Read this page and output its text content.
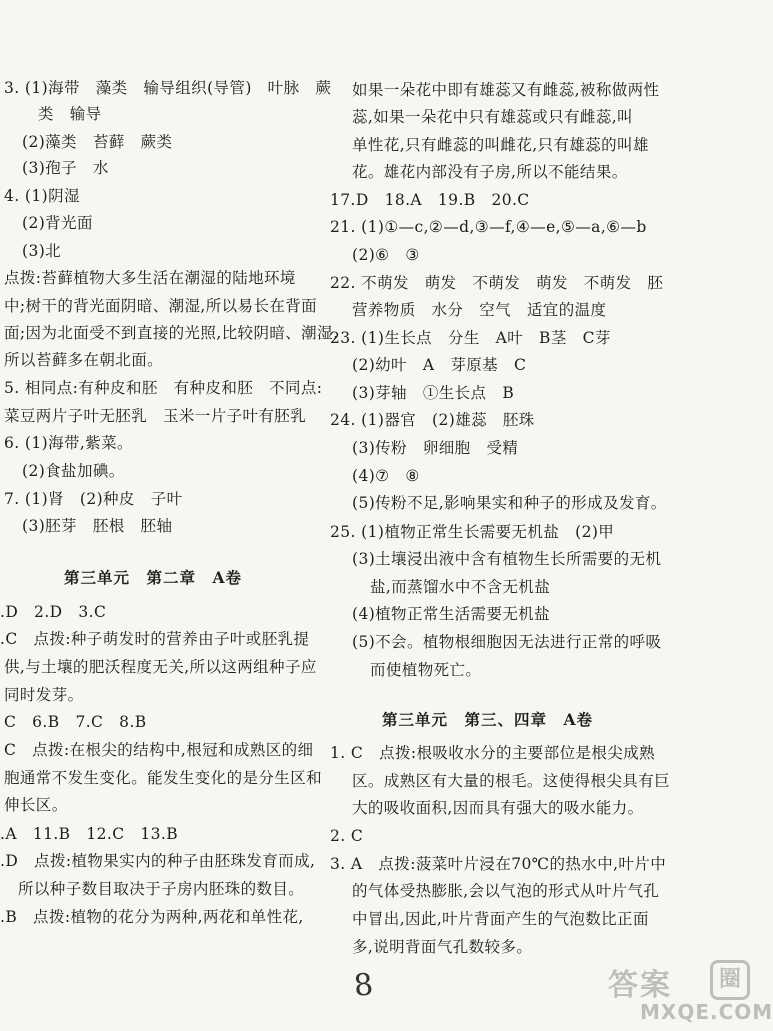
3. (1)海带　藻类　输导组织(导管)　叶脉　蕨
　类　输导
(2)藻类　苔藓　蕨类
(3)孢子　水
4. (1)阴湿
(2)背光面
(3)北
点拨:苔藓植物大多生活在潮湿的陆地环境
中;树干的背光面阴暗、潮湿,所以易长在背面
面;因为北面受不到直接的光照,比较阴暗、潮湿,
所以苔藓多在朝北面。
5. 相同点:有种皮和胚　有种皮和胚　不同点:
菜豆两片子叶无胚乳　玉米一片子叶有胚乳
6. (1)海带,紫菜。
(2)食盐加碘。
7. (1)肾　(2)种皮　子叶
(3)胚芽　胚根　胚轴
第三单元　第二章　A卷
.D　2.D　3.C
.C　点拨:种子萌发时的营养由子叶或胚乳提
供,与土壤的肥沃程度无关,所以这两组种子应
同时发芽。
C　6.B　7.C　8.B
C　点拨:在根尖的结构中,根冠和成熟区的细
胞通常不发生变化。能发生变化的是分生区和
伸长区。
.A　11.B　12.C　13.B
.D　点拨:植物果实内的种子由胚珠发育而成,
所以种子数目取决于子房内胚珠的数目。
.B　点拨:植物的花分为两种,两花和单性花,
如果一朵花中即有雄蕊又有雌蕊,被称做两性
蕊,如果一朵花中只有雄蕊或只有雌蕊,叫
单性花,只有雌蕊的叫雌花,只有雄蕊的叫雄
花。雄花内部没有子房,所以不能结果。
17.D　18.A　19.B　20.C
21. (1)①—c,②—d,③—f,④—e,⑤—a,⑥—b
(2)⑥　③
22. 不萌发　萌发　不萌发　萌发　不萌发　胚
营养物质　水分　空气　适宜的温度
23. (1)生长点　分生　A叶　B茎　C芽
(2)幼叶　A　芽原基　C
(3)芽轴　①生长点　B
24. (1)器官　(2)雄蕊　胚珠
(3)传粉　卵细胞　受精
(4)⑦　⑧
(5)传粉不足,影响果实和种子的形成及发育。
25. (1)植物正常生长需要无机盐　(2)甲
(3)土壤浸出液中含有植物生长所需要的无机
盐,而蒸馏水中不含无机盐
(4)植物正常生活需要无机盐
(5)不会。植物根细胞因无法进行正常的呼吸
而使植物死亡。
第三单元　第三、四章　A卷
1. C　点拨:根吸收水分的主要部位是根尖成熟
区。成熟区有大量的根毛。这使得根尖具有巨
大的吸收面积,因而具有强大的吸水能力。
2. C
3. A　点拨:菠菜叶片浸在70℃的热水中,叶片中
的气体受热膨胀,会以气泡的形式从叶片气孔
中冒出,因此,叶片背面产生的气泡数比正面
多,说明背面气孔数较多。
8	答案	圈
MXQE.COM
